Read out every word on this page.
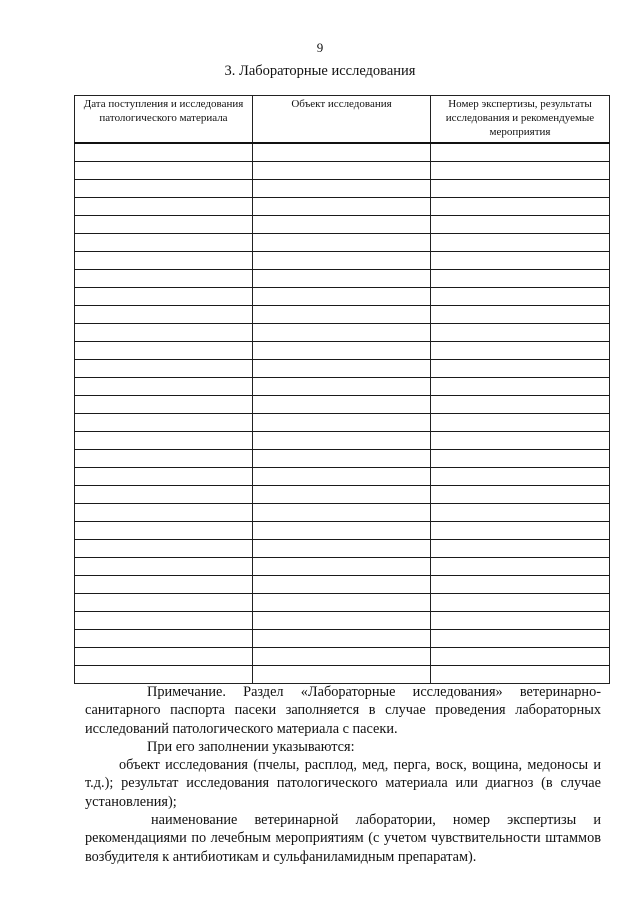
9
3. Лабораторные исследования
Дата поступления и исследования патологического материала	Объект исследования	Номер экспертизы, результаты исследования и рекомендуемые мероприятия

Примечание. Раздел «Лабораторные исследования» ветеринарно-санитарного паспорта пасеки заполняется в случае проведения лабораторных исследований патологического материала с пасеки.

При его заполнении указываются:

объект исследования (пчелы, расплод, мед, перга, воск, вощина, медоносы и т.д.); результат исследования патологического материала или диагноз (в случае установления);

наименование ветеринарной лаборатории, номер экспертизы и рекомендациями по лечебным мероприятиям (с учетом чувствительности штаммов возбудителя к антибиотикам и сульфаниламидным препаратам).
